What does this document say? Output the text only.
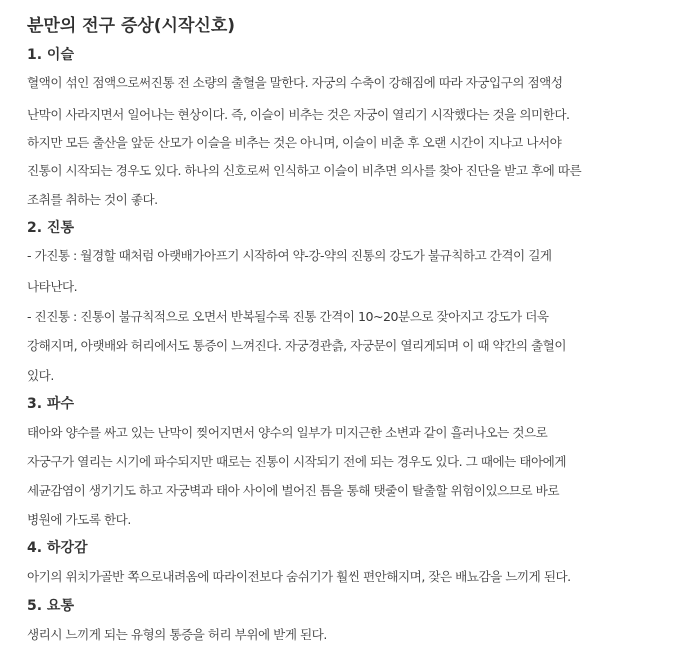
분만의 전구 증상(시작신호)
1. 이슬
혈액이 섞인 점액으로써진통 전 소량의 출혈을 말한다. 자궁의 수축이 강해짐에 따라 자궁입구의 점액성
난막이 사라지면서 일어나는 현상이다. 즉, 이슬이 비추는 것은 자궁이 열리기 시작했다는 것을 의미한다.
하지만 모든 출산을 앞둔 산모가 이슬을 비추는 것은 아니며, 이슬이 비춘 후 오랜 시간이 지나고 나서야
진통이 시작되는 경우도 있다. 하나의 신호로써 인식하고 이슬이 비추면 의사를 찾아 진단을 받고 후에 따른
조취를 취하는 것이 좋다.
2. 진통
- 가진통 : 월경할 때처럼 아랫배가아프기 시작하여 약-강-약의 진통의 강도가 불규칙하고 간격이 길게
나타난다.
- 진진통 : 진통이 불규칙적으로 오면서 반복될수록 진통 간격이 10~20분으로 잦아지고 강도가 더욱
강해지며, 아랫배와 허리에서도 통증이 느껴진다. 자궁경관츩, 자궁문이 열리게되며 이 때 약간의 출혈이
있다.
3. 파수
태아와 양수를 싸고 있는 난막이 찢어지면서 양수의 일부가 미지근한 소변과 같이 흘러나오는 것으로
자궁구가 열리는 시기에 파수되지만 때로는 진통이 시작되기 전에 되는 경우도 있다. 그 때에는 태아에게
세균감염이 생기기도 하고 자궁벽과 태아 사이에 벌어진 틈을 통해 탯줄이 탈출할 위험이있으므로 바로
병원에 가도록 한다.
4. 하강감
아기의 위치가골반 쪽으로내려옴에 따라이전보다 숨쉬기가 훨씬 편안해지며, 잦은 배뇨감을 느끼게 된다.
5. 요통
생리시 느끼게 되는 유형의 통증을 허리 부위에 받게 된다.
